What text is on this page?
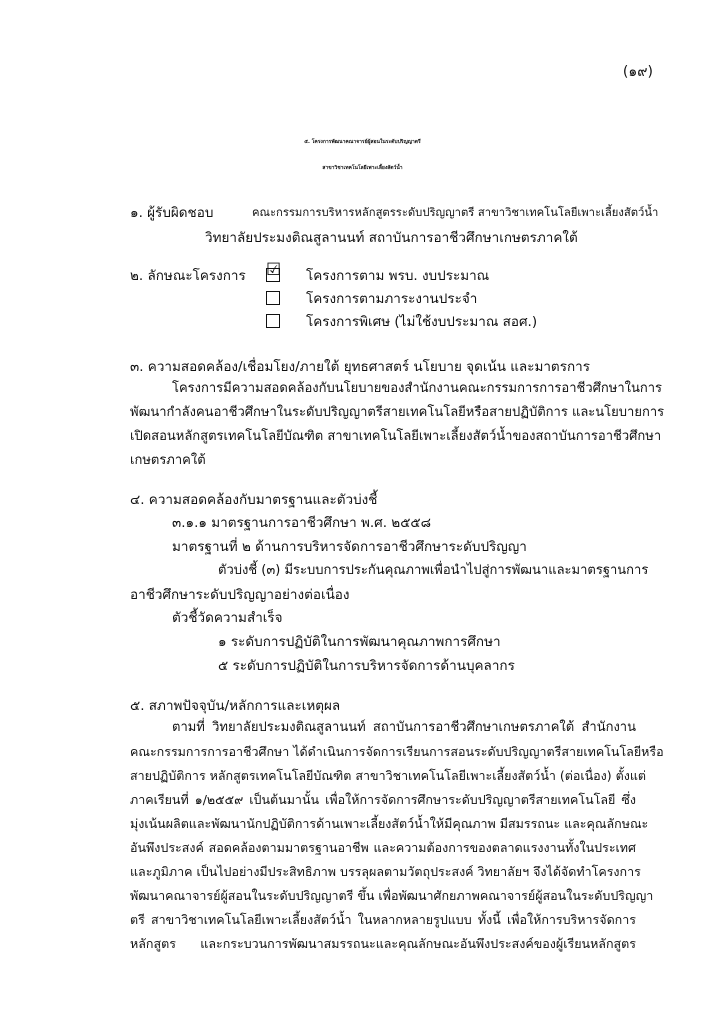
(๑๙)
๕. โครงการพัฒนาคณาจารย์ผู้สอนในระดับปริญญาตรี
สาขาวิชาเทคโนโลยีเพาะเลี้ยงสัตว์น้ำ
๑. ผู้รับผิดชอบ	คณะกรรมการบริหารหลักสูตรระดับปริญญาตรี สาขาวิชาเทคโนโลยีเพาะเลี้ยงสัตว์น้ำ
วิทยาลัยประมงติณสูลานนท์ สถาบันการอาชีวศึกษาเกษตรภาคใต้
๒. ลักษณะโครงการ ☑ โครงการตาม พรบ. งบประมาณ
โครงการตามภาระงานประจำ
โครงการพิเศษ (ไม่ใช้งบประมาณ สอศ.)
๓. ความสอดคล้อง/เชื่อมโยง/ภายใต้ ยุทธศาสตร์ นโยบาย จุดเน้น และมาตรการ
โครงการมีความสอดคล้องกับนโยบายของสำนักงานคณะกรรมการการอาชีวศึกษาในการ
พัฒนากำลังคนอาชีวศึกษาในระดับปริญญาตรีสายเทคโนโลยีหรือสายปฏิบัติการ และนโยบายการ
เปิดสอนหลักสูตรเทคโนโลยีบัณฑิต สาขาเทคโนโลยีเพาะเลี้ยงสัตว์น้ำของสถาบันการอาชีวศึกษา
เกษตรภาคใต้
๔. ความสอดคล้องกับมาตรฐานและตัวบ่งชี้
๓.๑.๑ มาตรฐานการอาชีวศึกษา พ.ศ. ๒๕๕๘
มาตรฐานที่ ๒ ด้านการบริหารจัดการอาชีวศึกษาระดับปริญญา
ตัวบ่งชี้ (๓) มีระบบการประกันคุณภาพเพื่อนำไปสู่การพัฒนาและมาตรฐานการ
อาชีวศึกษาระดับปริญญาอย่างต่อเนื่อง
ตัวชี้วัดความสำเร็จ
๑ ระดับการปฏิบัติในการพัฒนาคุณภาพการศึกษา
๕ ระดับการปฏิบัติในการบริหารจัดการด้านบุคลากร
๕. สภาพปัจจุบัน/หลักการและเหตุผล
ตามที่ วิทยาลัยประมงติณสูลานนท์ สถาบันการอาชีวศึกษาเกษตรภาคใต้ สำนักงาน
คณะกรรมการการอาชีวศึกษา ได้ดำเนินการจัดการเรียนการสอนระดับปริญญาตรีสายเทคโนโลยีหรือ
สายปฏิบัติการ หลักสูตรเทคโนโลยีบัณฑิต สาขาวิชาเทคโนโลยีเพาะเลี้ยงสัตว์น้ำ (ต่อเนื่อง) ตั้งแต่
ภาคเรียนที่ ๑/๒๕๕๙ เป็นต้นมานั้น เพื่อให้การจัดการศึกษาระดับปริญญาตรีสายเทคโนโลยี ซึ่ง
มุ่งเน้นผลิตและพัฒนานักปฏิบัติการด้านเพาะเลี้ยงสัตว์น้ำให้มีคุณภาพ มีสมรรถนะ และคุณลักษณะ
อันพึงประสงค์ สอดคล้องตามมาตรฐานอาชีพ และความต้องการของตลาดแรงงานทั้งในประเทศ
และภูมิภาค เป็นไปอย่างมีประสิทธิภาพ บรรลุผลตามวัตถุประสงค์ วิทยาลัยฯ จึงได้จัดทำโครงการ
พัฒนาคณาจารย์ผู้สอนในระดับปริญญาตรี ขึ้น เพื่อพัฒนาศักยภาพคณาจารย์ผู้สอนในระดับปริญญา
ตรี สาขาวิชาเทคโนโลยีเพาะเลี้ยงสัตว์น้ำ ในหลากหลายรูปแบบ ทั้งนี้ เพื่อให้การบริหารจัดการ
หลักสูตร และกระบวนการพัฒนาสมรรถนะและคุณลักษณะอันพึงประสงค์ของผู้เรียนหลักสูตร
